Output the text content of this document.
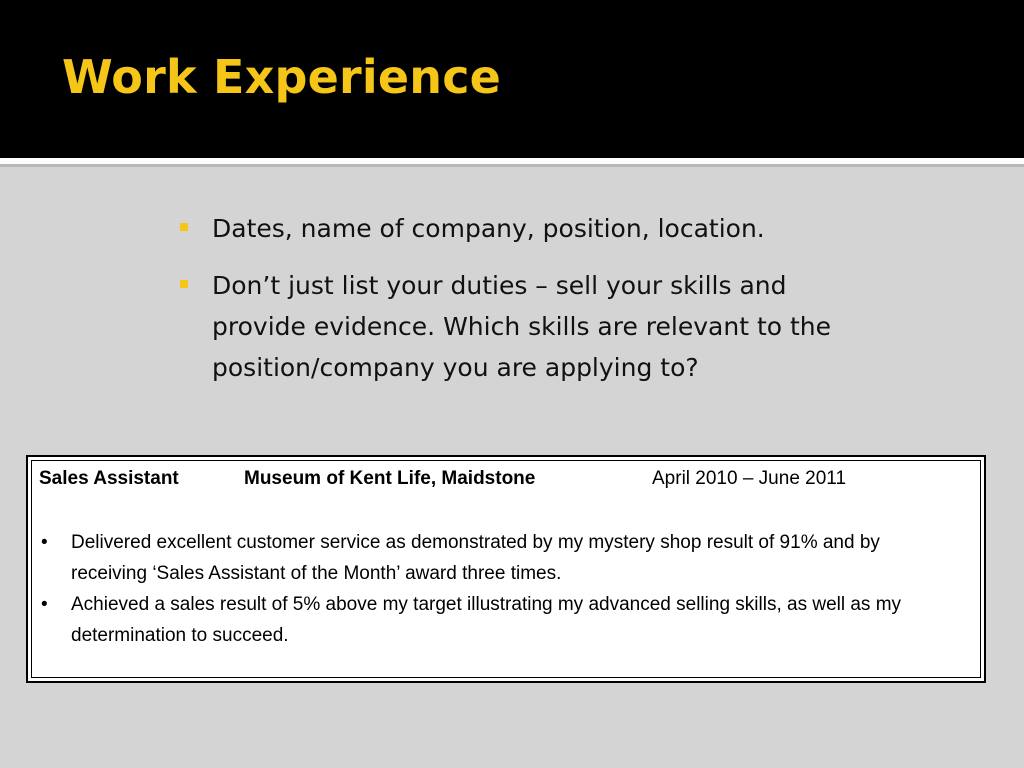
Work Experience
Dates, name of company, position, location.
Don’t just list your duties – sell your skills and provide evidence. Which skills are relevant to the position/company you are applying to?
Sales Assistant	Museum of Kent Life, Maidstone	April 2010 – June 2011
• Delivered excellent customer service as demonstrated by my mystery shop result of 91% and by receiving ‘Sales Assistant of the Month’ award three times.
• Achieved a sales result of 5% above my target illustrating my advanced selling skills, as well as my determination to succeed.
